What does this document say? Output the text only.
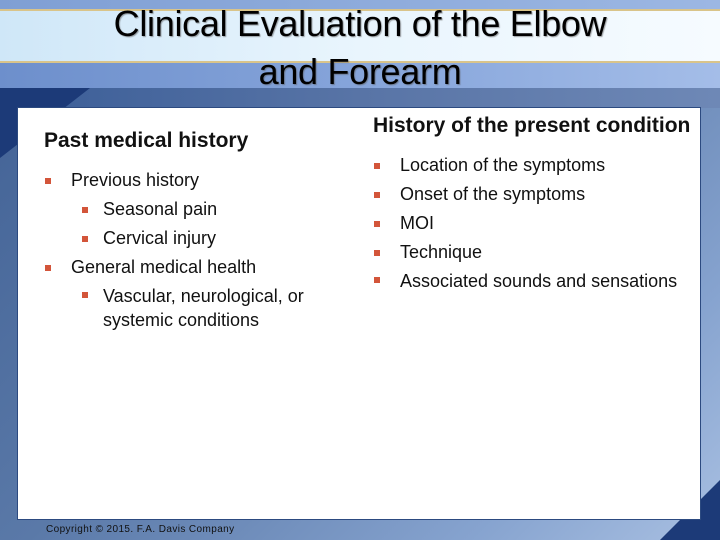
Clinical Evaluation of the Elbow
and Forearm
Past medical history
Previous history
Seasonal pain
Cervical injury
General medical health
Vascular, neurological, or systemic conditions
History of the present condition
Location of the symptoms
Onset of the symptoms
MOI
Technique
Associated sounds and sensations
Copyright © 2015. F.A. Davis Company
